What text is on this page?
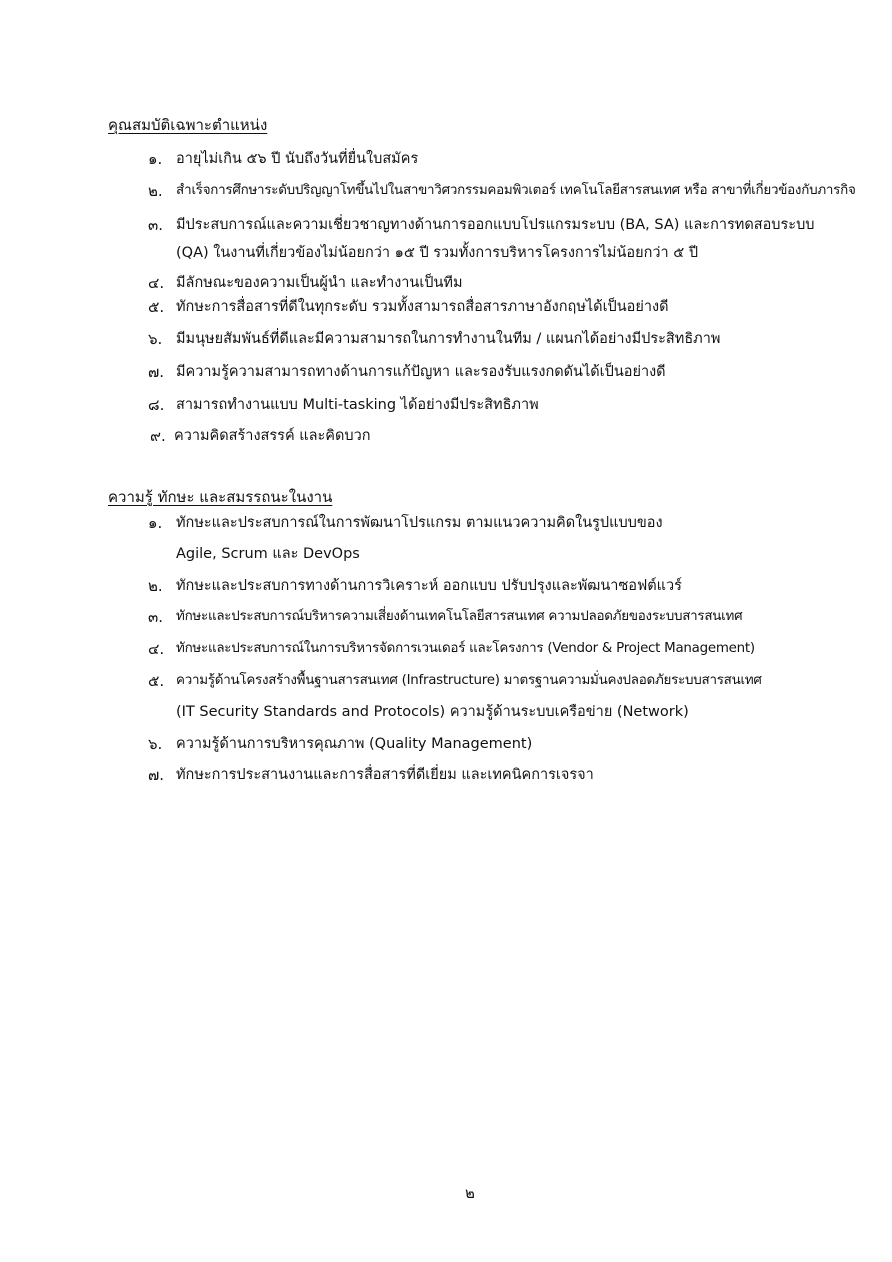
คุณสมบัติเฉพาะตำแหน่ง
๑. อายุไม่เกิน ๕๖ ปี นับถึงวันที่ยื่นใบสมัคร
๒. สำเร็จการศึกษาระดับปริญญาโทขึ้นไปในสาขาวิศวกรรมคอมพิวเตอร์ เทคโนโลยีสารสนเทศ หรือ สาขาที่เกี่ยวข้องกับภารกิจ
๓. มีประสบการณ์และความเชี่ยวชาญทางด้านการออกแบบโปรแกรมระบบ (BA, SA) และการทดสอบระบบ
(QA) ในงานที่เกี่ยวข้องไม่น้อยกว่า ๑๕ ปี รวมทั้งการบริหารโครงการไม่น้อยกว่า ๕ ปี
๔. มีลักษณะของความเป็นผู้นำ และทำงานเป็นทีม
๕. ทักษะการสื่อสารที่ดีในทุกระดับ รวมทั้งสามารถสื่อสารภาษาอังกฤษได้เป็นอย่างดี
๖. มีมนุษยสัมพันธ์ที่ดีและมีความสามารถในการทำงานในทีม / แผนกได้อย่างมีประสิทธิภาพ
๗. มีความรู้ความสามารถทางด้านการแก้ปัญหา และรองรับแรงกดดันได้เป็นอย่างดี
๘. สามารถทำงานแบบ Multi-tasking ได้อย่างมีประสิทธิภาพ
๙. ความคิดสร้างสรรค์ และคิดบวก
ความรู้ ทักษะ และสมรรถนะในงาน
๑. ทักษะและประสบการณ์ในการพัฒนาโปรแกรม ตามแนวความคิดในรูปแบบของ
Agile, Scrum และ DevOps
๒. ทักษะและประสบการทางด้านการวิเคราะห์ ออกแบบ ปรับปรุงและพัฒนาซอฟต์แวร์
๓. ทักษะและประสบการณ์บริหารความเสี่ยงด้านเทคโนโลยีสารสนเทศ ความปลอดภัยของระบบสารสนเทศ
๔. ทักษะและประสบการณ์ในการบริหารจัดการเวนเดอร์ และโครงการ (Vendor & Project Management)
๕. ความรู้ด้านโครงสร้างพื้นฐานสารสนเทศ (Infrastructure) มาตรฐานความมั่นคงปลอดภัยระบบสารสนเทศ
(IT Security Standards and Protocols) ความรู้ด้านระบบเครือข่าย (Network)
๖. ความรู้ด้านการบริหารคุณภาพ (Quality Management)
๗. ทักษะการประสานงานและการสื่อสารที่ดีเยี่ยม และเทคนิคการเจรจา
๒
